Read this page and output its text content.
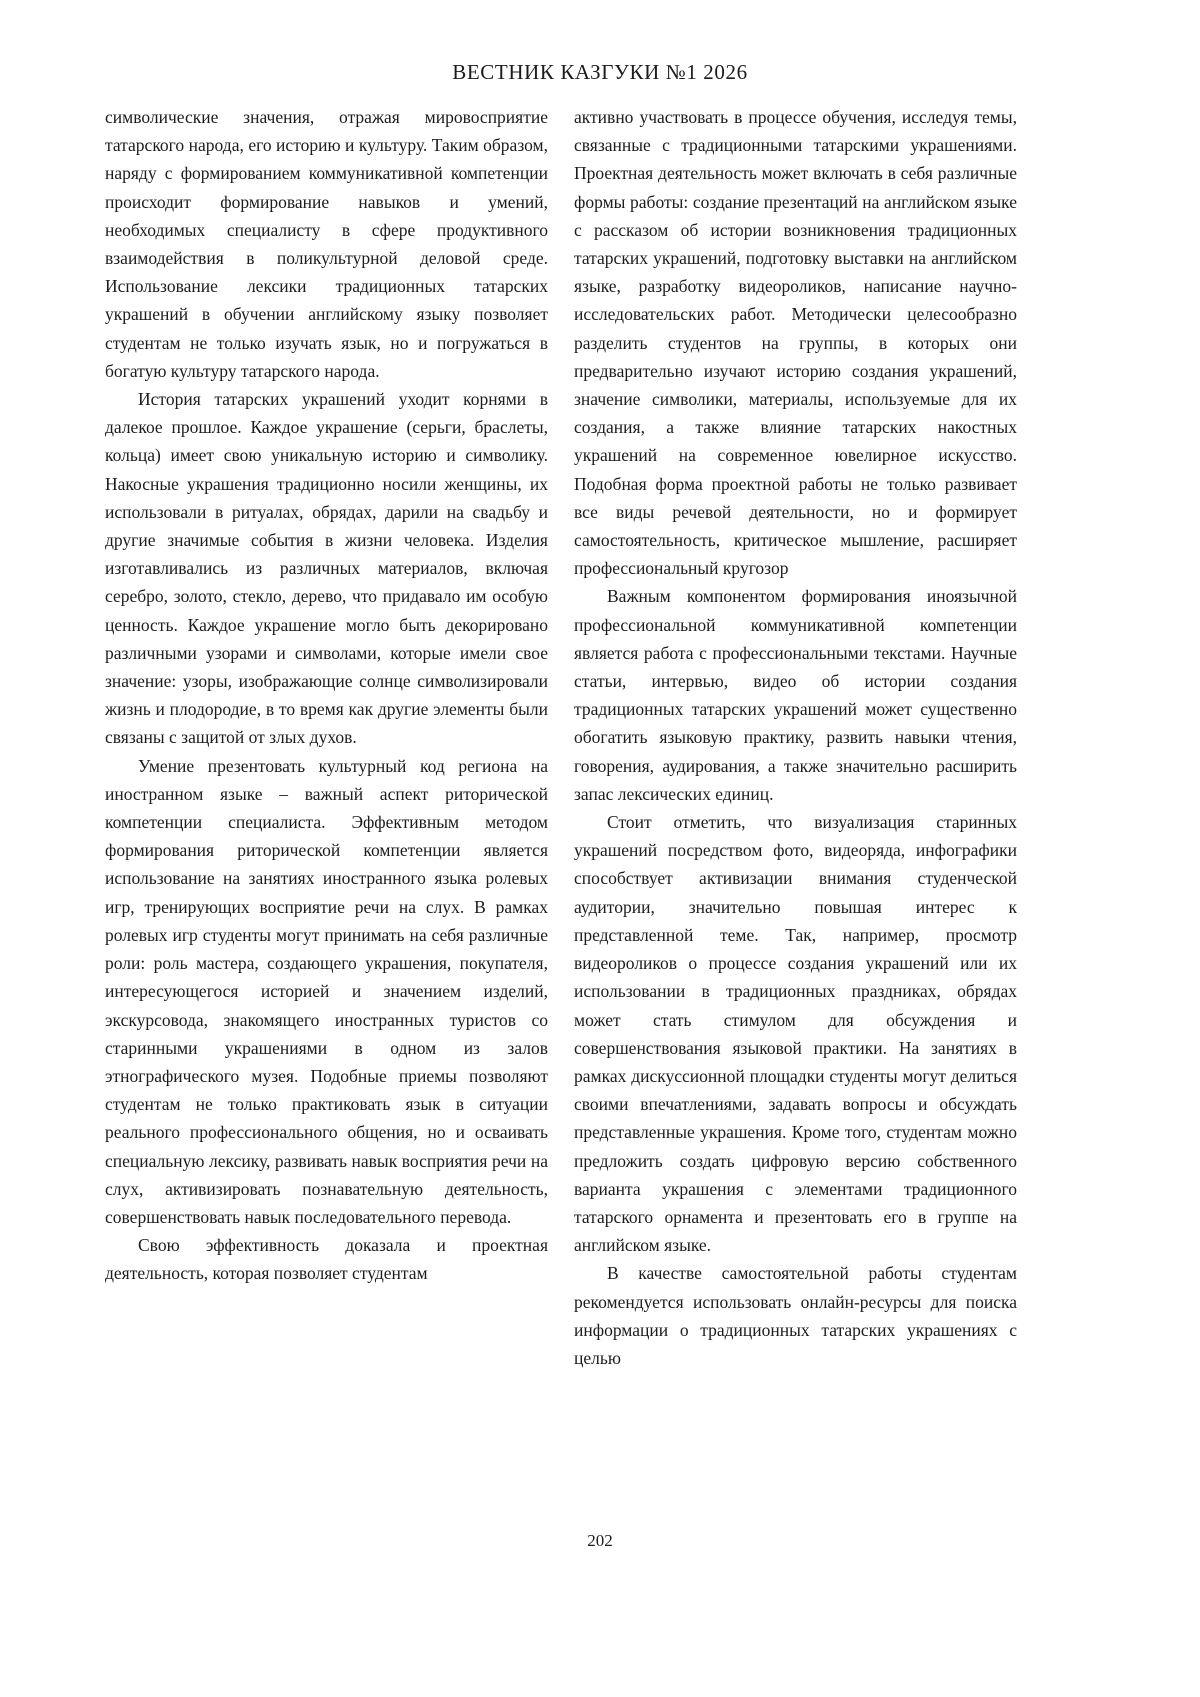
ВЕСТНИК КАЗГУКИ №1 2026

символические значения, отражая мировосприятие татарского народа, его историю и культуру. Таким образом, наряду с формированием коммуникативной компетенции происходит формирование навыков и умений, необходимых специалисту в сфере продуктивного взаимодействия в поликультурной деловой среде. Использование лексики традиционных татарских украшений в обучении английскому языку позволяет студентам не только изучать язык, но и погружаться в богатую культуру татарского народа.

История татарских украшений уходит корнями в далекое прошлое. Каждое украшение (серьги, браслеты, кольца) имеет свою уникальную историю и символику. Накосные украшения традиционно носили женщины, их использовали в ритуалах, обрядах, дарили на свадьбу и другие значимые события в жизни человека. Изделия изготавливались из различных материалов, включая серебро, золото, стекло, дерево, что придавало им особую ценность. Каждое украшение могло быть декорировано различными узорами и символами, которые имели свое значение: узоры, изображающие солнце символизировали жизнь и плодородие, в то время как другие элементы были связаны с защитой от злых духов.

Умение презентовать культурный код региона на иностранном языке – важный аспект риторической компетенции специалиста. Эффективным методом формирования риторической компетенции является использование на занятиях иностранного языка ролевых игр, тренирующих восприятие речи на слух. В рамках ролевых игр студенты могут принимать на себя различные роли: роль мастера, создающего украшения, покупателя, интересующегося историей и значением изделий, экскурсовода, знакомящего иностранных туристов со старинными украшениями в одном из залов этнографического музея. Подобные приемы позволяют студентам не только практиковать язык в ситуации реального профессионального общения, но и осваивать специальную лексику, развивать навык восприятия речи на слух, активизировать познавательную деятельность, совершенствовать навык последовательного перевода.

Свою эффективность доказала и проектная деятельность, которая позволяет студентам

активно участвовать в процессе обучения, исследуя темы, связанные с традиционными татарскими украшениями. Проектная деятельность может включать в себя различные формы работы: создание презентаций на английском языке с рассказом об истории возникновения традиционных татарских украшений, подготовку выставки на английском языке, разработку видеороликов, написание научно-исследовательских работ. Методически целесообразно разделить студентов на группы, в которых они предварительно изучают историю создания украшений, значение символики, материалы, используемые для их создания, а также влияние татарских накостных украшений на современное ювелирное искусство. Подобная форма проектной работы не только развивает все виды речевой деятельности, но и формирует самостоятельность, критическое мышление, расширяет профессиональный кругозор

Важным компонентом формирования иноязычной профессиональной коммуникативной компетенции является работа с профессиональными текстами. Научные статьи, интервью, видео об истории создания традиционных татарских украшений может существенно обогатить языковую практику, развить навыки чтения, говорения, аудирования, а также значительно расширить запас лексических единиц.

Стоит отметить, что визуализация старинных украшений посредством фото, видеоряда, инфографики способствует активизации внимания студенческой аудитории, значительно повышая интерес к представленной теме. Так, например, просмотр видеороликов о процессе создания украшений или их использовании в традиционных праздниках, обрядах может стать стимулом для обсуждения и совершенствования языковой практики. На занятиях в рамках дискуссионной площадки студенты могут делиться своими впечатлениями, задавать вопросы и обсуждать представленные украшения. Кроме того, студентам можно предложить создать цифровую версию собственного варианта украшения с элементами традиционного татарского орнамента и презентовать его в группе на английском языке.

В качестве самостоятельной работы студентам рекомендуется использовать онлайн-ресурсы для поиска информации о традиционных татарских украшениях с целью

202
